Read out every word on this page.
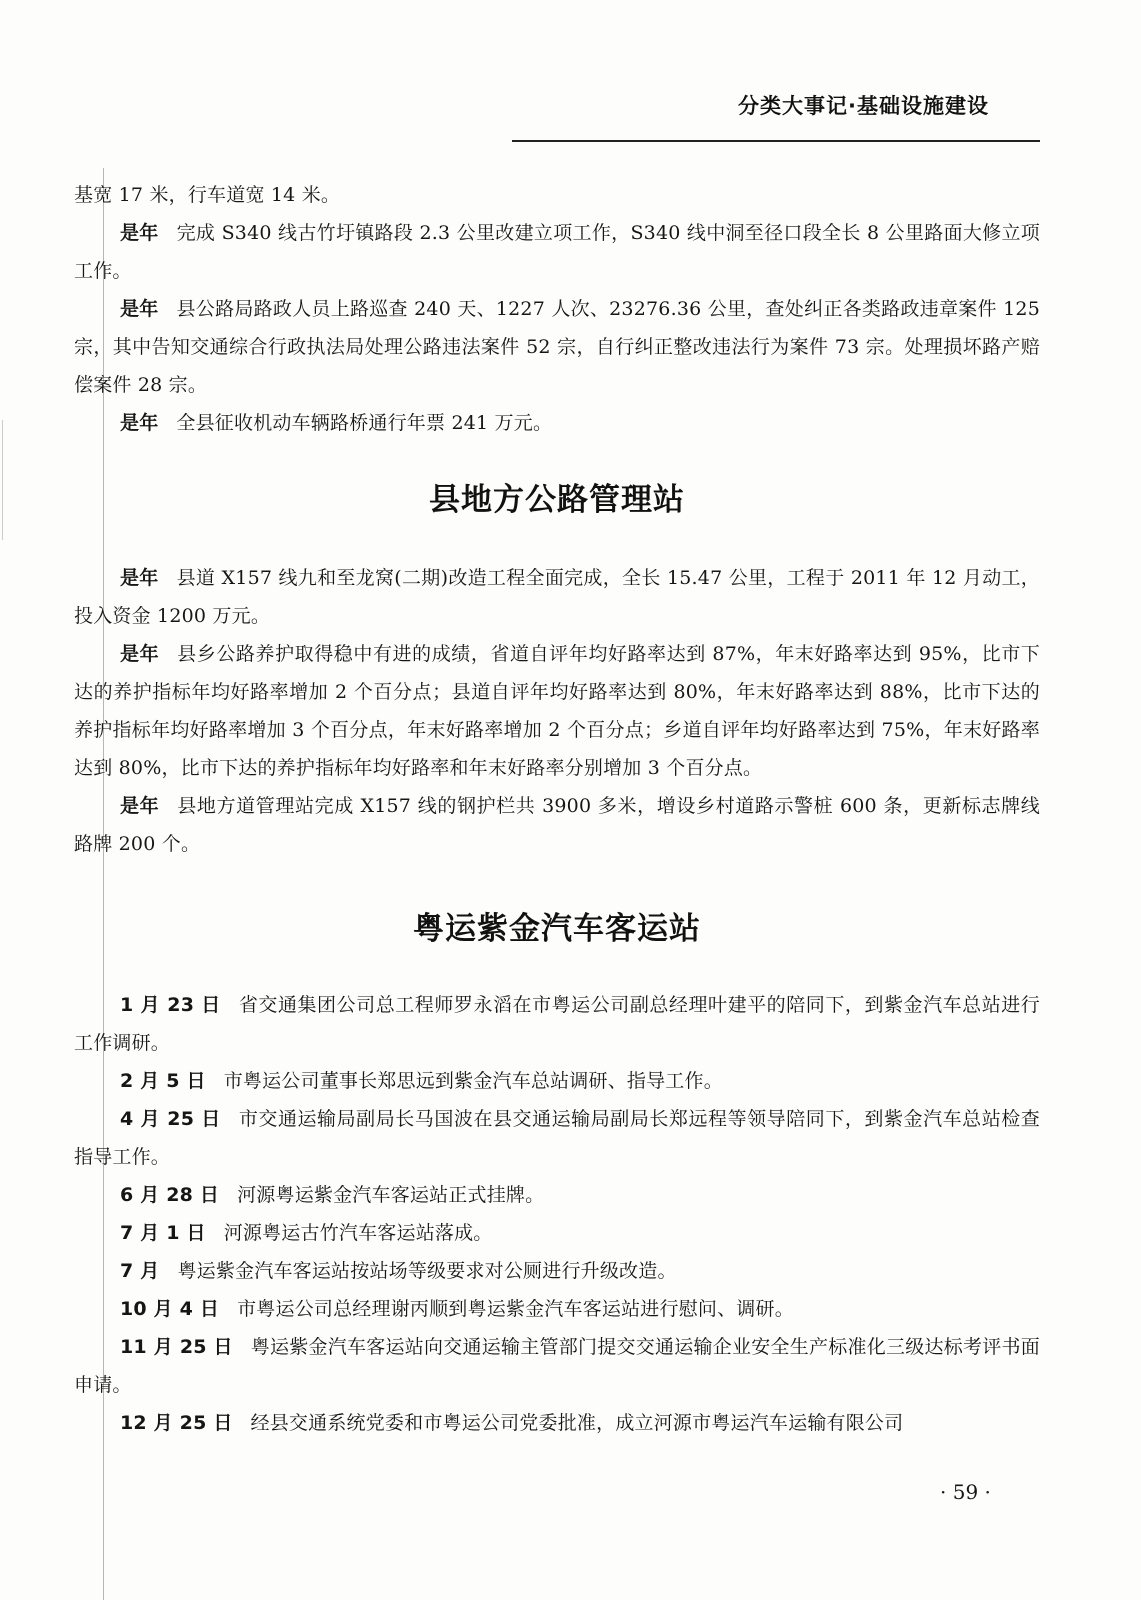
分类大事记·基础设施建设

基宽 17 米，行车道宽 14 米。

是年 完成 S340 线古竹圩镇路段 2.3 公里改建立项工作，S340 线中洞至径口段全长 8 公里路面大修立项工作。

是年 县公路局路政人员上路巡查 240 天、1227 人次、23276.36 公里，查处纠正各类路政违章案件 125 宗，其中告知交通综合行政执法局处理公路违法案件 52 宗，自行纠正整改违法行为案件 73 宗。处理损坏路产赔偿案件 28 宗。

是年 全县征收机动车辆路桥通行年票 241 万元。

县地方公路管理站

是年 县道 X157 线九和至龙窝(二期)改造工程全面完成，全长 15.47 公里，工程于 2011 年 12 月动工，投入资金 1200 万元。

是年 县乡公路养护取得稳中有进的成绩，省道自评年均好路率达到 87%，年末好路率达到 95%，比市下达的养护指标年均好路率增加 2 个百分点；县道自评年均好路率达到 80%，年末好路率达到 88%，比市下达的养护指标年均好路率增加 3 个百分点，年末好路率增加 2 个百分点；乡道自评年均好路率达到 75%，年末好路率达到 80%，比市下达的养护指标年均好路率和年末好路率分别增加 3 个百分点。

是年 县地方道管理站完成 X157 线的钢护栏共 3900 多米，增设乡村道路示警桩 600 条，更新标志牌线路牌 200 个。

粤运紫金汽车客运站

1 月 23 日 省交通集团公司总工程师罗永滔在市粤运公司副总经理叶建平的陪同下，到紫金汽车总站进行工作调研。

2 月 5 日 市粤运公司董事长郑思远到紫金汽车总站调研、指导工作。

4 月 25 日 市交通运输局副局长马国波在县交通运输局副局长郑远程等领导陪同下，到紫金汽车总站检查指导工作。

6 月 28 日 河源粤运紫金汽车客运站正式挂牌。

7 月 1 日 河源粤运古竹汽车客运站落成。

7 月 粤运紫金汽车客运站按站场等级要求对公厕进行升级改造。

10 月 4 日 市粤运公司总经理谢丙顺到粤运紫金汽车客运站进行慰问、调研。

11 月 25 日 粤运紫金汽车客运站向交通运输主管部门提交交通运输企业安全生产标准化三级达标考评书面申请。

12 月 25 日 经县交通系统党委和市粤运公司党委批准，成立河源市粤运汽车运输有限公司

· 59 ·
